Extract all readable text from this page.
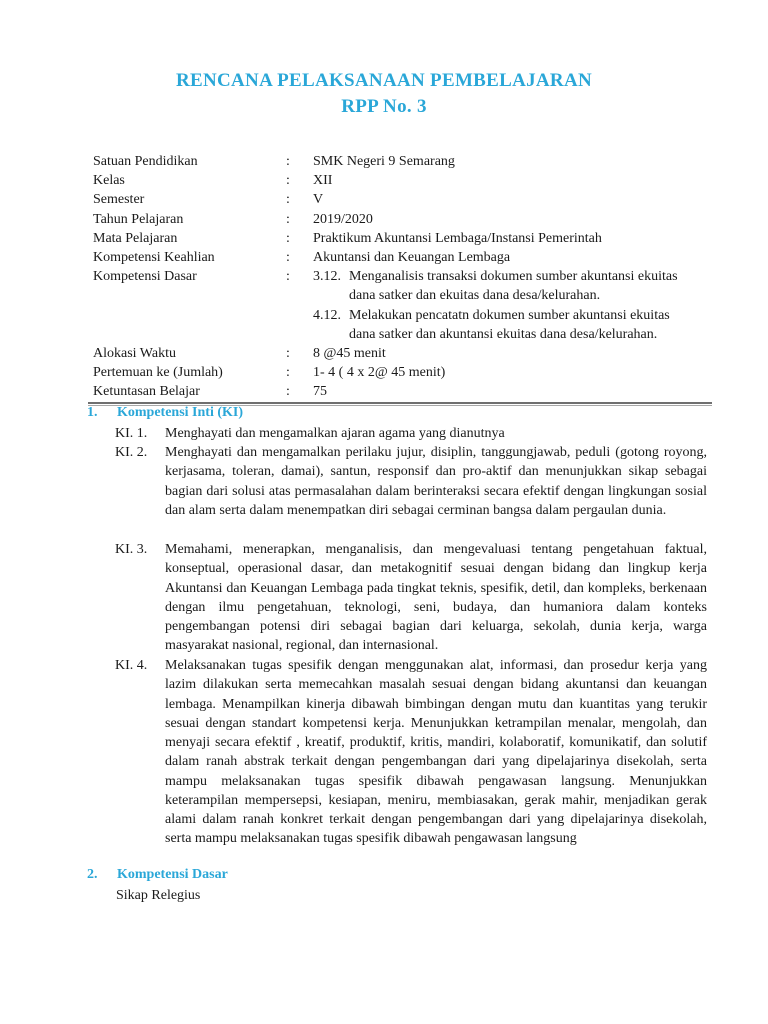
RENCANA PELAKSANAAN PEMBELAJARAN
RPP No. 3
Satuan Pendidikan	:	SMK Negeri 9 Semarang
Kelas	:	XII
Semester	:	V
Tahun Pelajaran	:	2019/2020
Mata Pelajaran	:	Praktikum Akuntansi Lembaga/Instansi Pemerintah
Kompetensi Keahlian	:	Akuntansi dan Keuangan Lembaga
Kompetensi Dasar	:	3.12. Menganalisis transaksi dokumen sumber akuntansi ekuitas
dana satker dan ekuitas dana desa/kelurahan.
4.12. Melakukan pencatatn dokumen sumber akuntansi ekuitas
dana satker dan akuntansi ekuitas dana desa/kelurahan.
Alokasi Waktu	:	8 @45 menit
Pertemuan ke (Jumlah)	:	1- 4 ( 4 x 2@ 45 menit)
Ketuntasan Belajar	:	75
1. Kompetensi Inti (KI)
KI. 1.	Menghayati dan mengamalkan ajaran agama yang dianutnya
KI. 2.	Menghayati dan mengamalkan perilaku jujur, disiplin, tanggungjawab, peduli (gotong royong, kerjasama, toleran, damai), santun, responsif dan pro-aktif dan menunjukkan sikap sebagai bagian dari solusi atas permasalahan dalam berinteraksi secara efektif dengan lingkungan sosial dan alam serta dalam menempatkan diri sebagai cerminan bangsa dalam pergaulan dunia.
KI. 3.	Memahami, menerapkan, menganalisis, dan mengevaluasi tentang pengetahuan faktual, konseptual, operasional dasar, dan metakognitif sesuai dengan bidang dan lingkup kerja Akuntansi dan Keuangan Lembaga pada tingkat teknis, spesifik, detil, dan kompleks, berkenaan dengan ilmu pengetahuan, teknologi, seni, budaya, dan humaniora dalam konteks pengembangan potensi diri sebagai bagian dari keluarga, sekolah, dunia kerja, warga masyarakat nasional, regional, dan internasional.
KI. 4.	Melaksanakan tugas spesifik dengan menggunakan alat, informasi, dan prosedur kerja yang lazim dilakukan serta memecahkan masalah sesuai dengan bidang akuntansi dan keuangan lembaga. Menampilkan kinerja dibawah bimbingan dengan mutu dan kuantitas yang terukir sesuai dengan standart kompetensi kerja. Menunjukkan ketrampilan menalar, mengolah, dan menyaji secara efektif , kreatif, produktif, kritis, mandiri, kolaboratif, komunikatif, dan solutif dalam ranah abstrak terkait dengan pengembangan dari yang dipelajarinya disekolah, serta mampu melaksanakan tugas spesifik dibawah pengawasan langsung. Menunjukkan keterampilan mempersepsi, kesiapan, meniru, membiasakan, gerak mahir, menjadikan gerak alami dalam ranah konkret terkait dengan pengembangan dari yang dipelajarinya disekolah, serta mampu melaksanakan tugas spesifik dibawah pengawasan langsung
2. Kompetensi Dasar
Sikap Relegius
